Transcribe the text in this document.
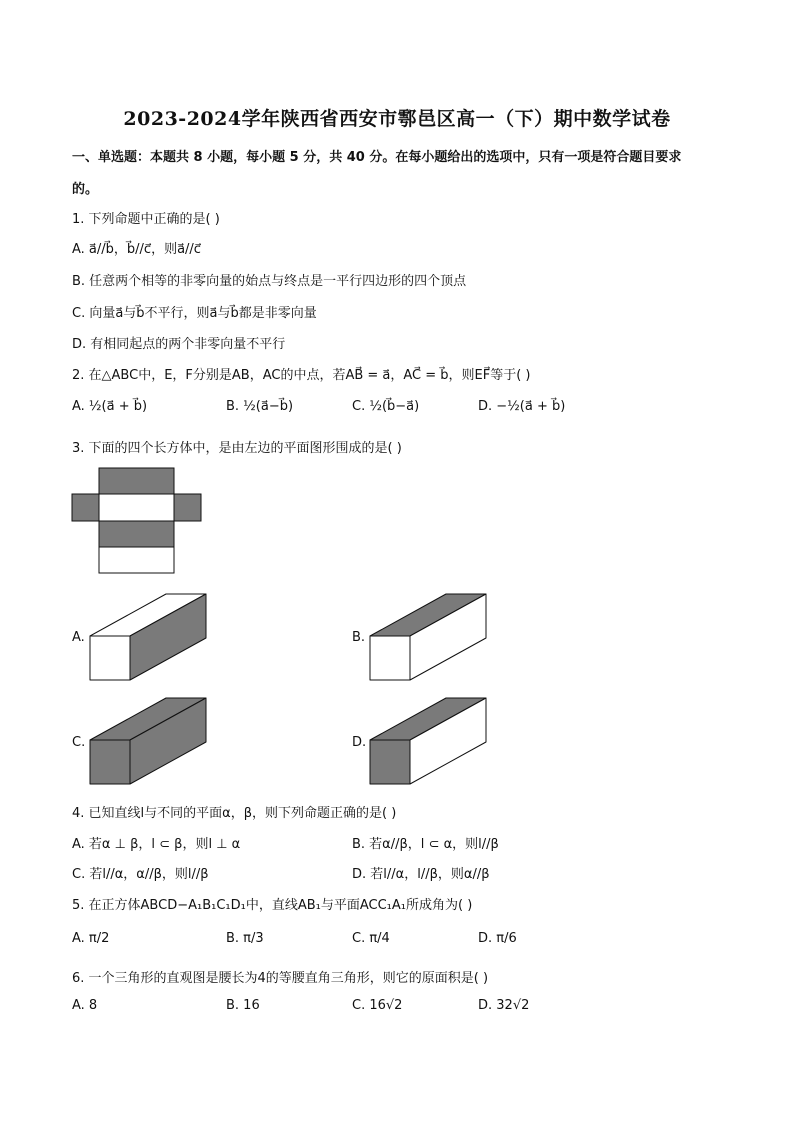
2023-2024学年陕西省西安市鄠邑区高一（下）期中数学试卷
一、单选题：本题共 8 小题，每小题 5 分，共 40 分。在每小题给出的选项中，只有一项是符合题目要求
的。
1. 下列命题中正确的是( )
A. a⃗//b⃗，b⃗//c⃗，则a⃗//c⃗
B. 任意两个相等的非零向量的始点与终点是一平行四边形的四个顶点
C. 向量a⃗与b⃗不平行，则a⃗与b⃗都是非零向量
D. 有相同起点的两个非零向量不平行
2. 在△ABC中，E，F分别是AB，AC的中点，若AB⃗ = a⃗，AC⃗ = b⃗，则EF⃗等于( )
A. ½(a⃗ + b⃗)	B. ½(a⃗−b⃗)	C. ½(b⃗−a⃗)	D. −½(a⃗ + b⃗)
3. 下面的四个长方体中，是由左边的平面图形围成的是( )
A.	B.
C.	D.
4. 已知直线l与不同的平面α，β，则下列命题正确的是( )
A. 若α ⊥ β，l ⊂ β，则l ⊥ α	B. 若α//β，l ⊂ α，则l//β
C. 若l//α，α//β，则l//β	D. 若l//α，l//β，则α//β
5. 在正方体ABCD−A₁B₁C₁D₁中，直线AB₁与平面ACC₁A₁所成角为( )
A. π/2	B. π/3	C. π/4	D. π/6
6. 一个三角形的直观图是腰长为4的等腰直角三角形，则它的原面积是( )
A. 8	B. 16	C. 16√2	D. 32√2
